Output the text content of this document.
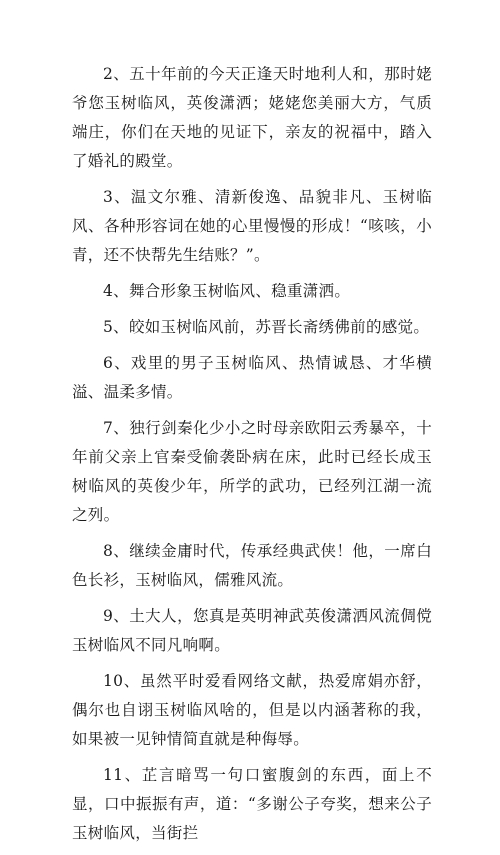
2、五十年前的今天正逢天时地利人和，那时姥爷您玉树临风，英俊潇洒；姥姥您美丽大方，气质端庄，你们在天地的见证下，亲友的祝福中，踏入了婚礼的殿堂。

3、温文尔雅、清新俊逸、品貌非凡、玉树临风、各种形容词在她的心里慢慢的形成！“咳咳，小青，还不快帮先生结账？”。

4、舞合形象玉树临风、稳重潇洒。

5、皎如玉树临风前，苏晋长斋绣佛前的感觉。

6、戏里的男子玉树临风、热情诚恳、才华横溢、温柔多情。

7、独行剑秦化少小之时母亲欧阳云秀暴卒，十年前父亲上官秦受偷袭卧病在床，此时已经长成玉树临风的英俊少年，所学的武功，已经列江湖一流之列。

8、继续金庸时代，传承经典武侠！他，一席白色长衫，玉树临风，儒雅风流。

9、土大人，您真是英明神武英俊潇洒风流倜傥玉树临风不同凡响啊。

10、虽然平时爱看网络文献，热爱席娟亦舒，偶尔也自诩玉树临风啥的，但是以内涵著称的我，如果被一见钟情简直就是种侮辱。

11、芷言暗骂一句口蜜腹剑的东西，面上不显，口中振振有声，道：“多谢公子夸奖，想来公子玉树临风，当街拦
